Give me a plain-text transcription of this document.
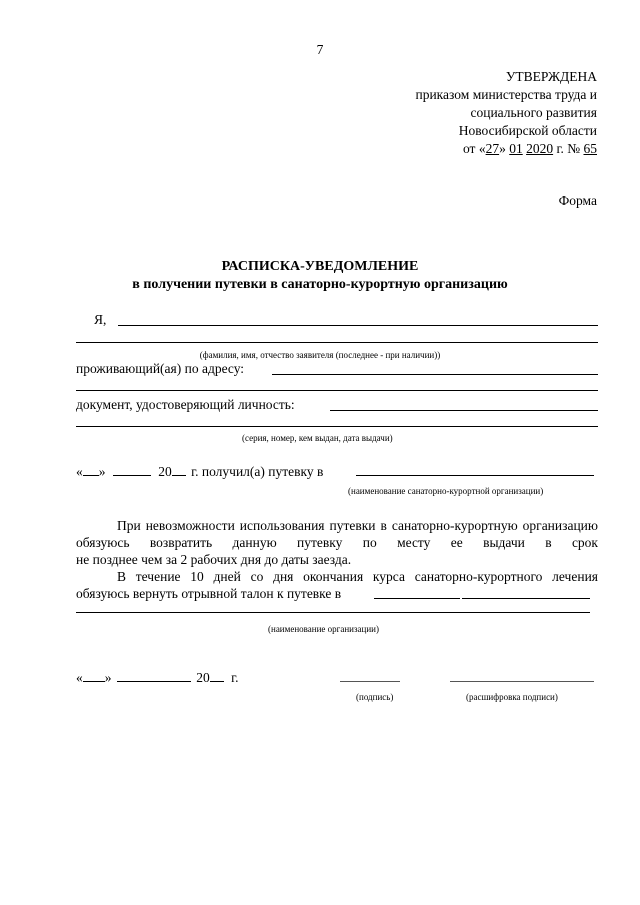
7
УТВЕРЖДЕНА
приказом министерства труда и
социального развития
Новосибирской области
от «27» 01 2020 г. № 65
Форма
РАСПИСКА-УВЕДОМЛЕНИЕ
в получении путевки в санаторно-курортную организацию
Я,
(фамилия, имя, отчество заявителя (последнее - при наличии))
проживающий(ая) по адресу:
документ, удостоверяющий личность:
(серия, номер, кем выдан, дата выдачи)
« »	20 г. получил(а) путевку в
(наименование санаторно-курортной организации)
При невозможности использования путевки в санаторно-курортную организацию обязуюсь возвратить данную путевку по месту ее выдачи в срок
не позднее чем за 2 рабочих дня до даты заезда.
В течение 10 дней со дня окончания курса санаторно-курортного лечения
обязуюсь вернуть отрывной талон к путевке в
(наименование организации)
« »	20 г.
(подпись)	(расшифровка подписи)
